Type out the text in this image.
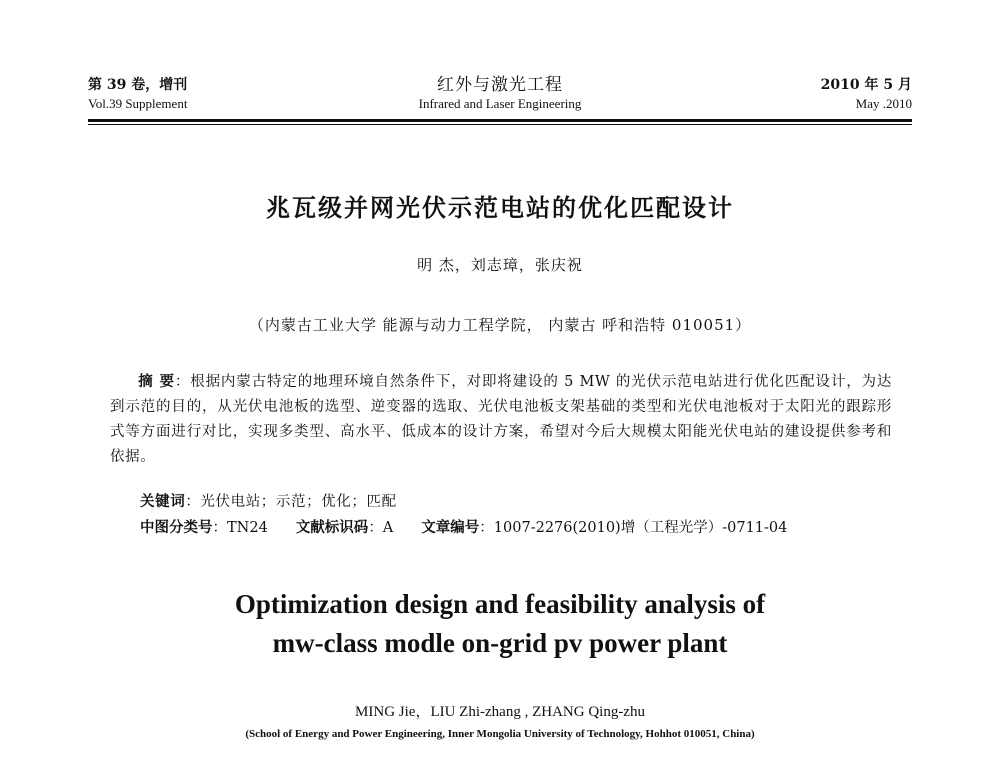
第 39 卷，增刊	红外与激光工程	2010 年 5 月
Vol.39 Supplement	Infrared and Laser Engineering	May .2010
兆瓦级并网光伏示范电站的优化匹配设计
明 杰，刘志璋，张庆祝
（内蒙古工业大学 能源与动力工程学院， 内蒙古 呼和浩特 010051）
摘 要：根据内蒙古特定的地理环境自然条件下，对即将建设的 5 MW 的光伏示范电站进行优化匹配设计，为达到示范的目的，从光伏电池板的选型、逆变器的选取、光伏电池板支架基础的类型和光伏电池板对于太阳光的跟踪形式等方面进行对比，实现多类型、高水平、低成本的设计方案，希望对今后大规模太阳能光伏电站的建设提供参考和依据。
关键词：光伏电站；示范；优化；匹配
中图分类号：TN24 文献标识码：A 文章编号：1007-2276(2010)增（工程光学）-0711-04
Optimization design and feasibility analysis of
mw-class modle on-grid pv power plant
MING Jie，LIU Zhi-zhang , ZHANG Qing-zhu
(School of Energy and Power Engineering, Inner Mongolia University of Technology, Hohhot 010051, China)
